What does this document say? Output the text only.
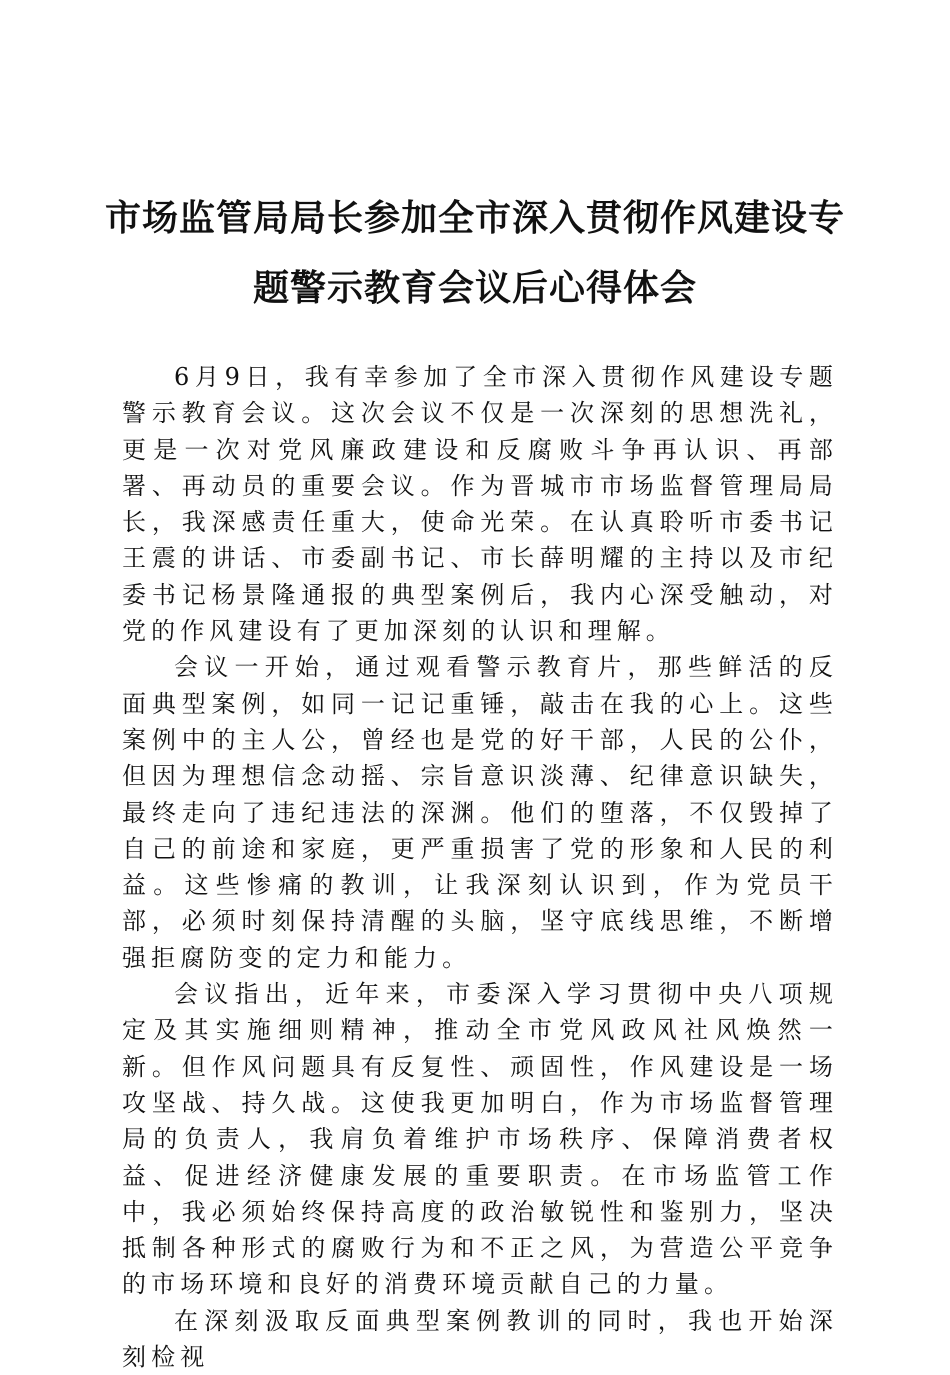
市场监管局局长参加全市深入贯彻作风建设专
题警示教育会议后心得体会

6月9日，我有幸参加了全市深入贯彻作风建设专题警示教育会议。这次会议不仅是一次深刻的思想洗礼，更是一次对党风廉政建设和反腐败斗争再认识、再部署、再动员的重要会议。作为晋城市市场监督管理局局长，我深感责任重大，使命光荣。在认真聆听市委书记王震的讲话、市委副书记、市长薛明耀的主持以及市纪委书记杨景隆通报的典型案例后，我内心深受触动，对党的作风建设有了更加深刻的认识和理解。

会议一开始，通过观看警示教育片，那些鲜活的反面典型案例，如同一记记重锤，敲击在我的心上。这些案例中的主人公，曾经也是党的好干部，人民的公仆，但因为理想信念动摇、宗旨意识淡薄、纪律意识缺失，最终走向了违纪违法的深渊。他们的堕落，不仅毁掉了自己的前途和家庭，更严重损害了党的形象和人民的利益。这些惨痛的教训，让我深刻认识到，作为党员干部，必须时刻保持清醒的头脑，坚守底线思维，不断增强拒腐防变的定力和能力。

会议指出，近年来，市委深入学习贯彻中央八项规定及其实施细则精神，推动全市党风政风社风焕然一新。但作风问题具有反复性、顽固性，作风建设是一场攻坚战、持久战。这使我更加明白，作为市场监督管理局的负责人，我肩负着维护市场秩序、保障消费者权益、促进经济健康发展的重要职责。在市场监管工作中，我必须始终保持高度的政治敏锐性和鉴别力，坚决抵制各种形式的腐败行为和不正之风，为营造公平竞争的市场环境和良好的消费环境贡献自己的力量。

在深刻汲取反面典型案例教训的同时，我也开始深刻检视
